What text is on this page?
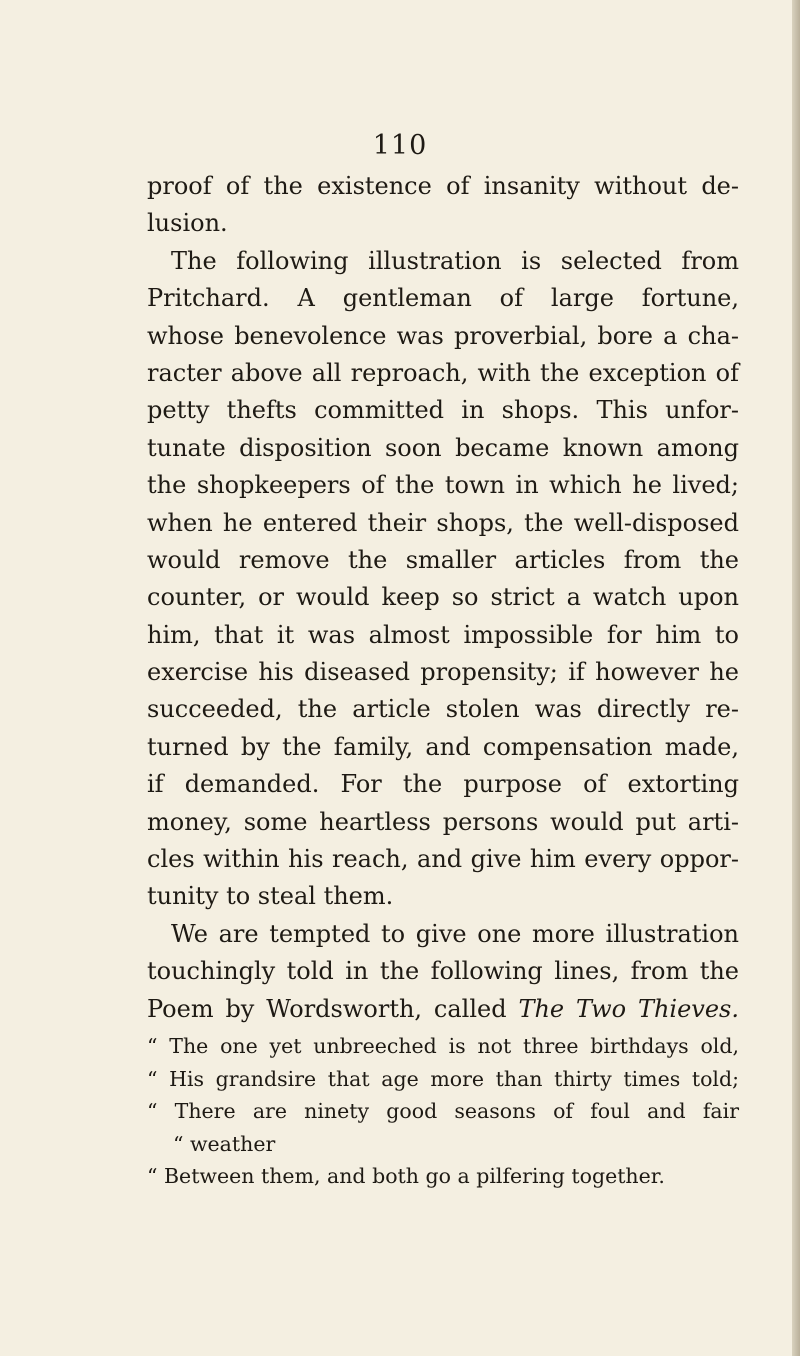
110
proof of the existence of insanity without de-
lusion.
The following illustration is selected from
Pritchard. A gentleman of large fortune,
whose benevolence was proverbial, bore a cha-
racter above all reproach, with the exception of
petty thefts committed in shops. This unfor-
tunate disposition soon became known among
the shopkeepers of the town in which he lived;
when he entered their shops, the well-disposed
would remove the smaller articles from the
counter, or would keep so strict a watch upon
him, that it was almost impossible for him to
exercise his diseased propensity; if however he
succeeded, the article stolen was directly re-
turned by the family, and compensation made,
if demanded. For the purpose of extorting
money, some heartless persons would put arti-
cles within his reach, and give him every oppor-
tunity to steal them.
We are tempted to give one more illustration
touchingly told in the following lines, from the
Poem by Wordsworth, called The Two Thieves.
“ The one yet unbreeched is not three birthdays old,
“ His grandsire that age more than thirty times told;
“ There are ninety good seasons of foul and fair
“ weather
“ Between them, and both go a pilfering together.
